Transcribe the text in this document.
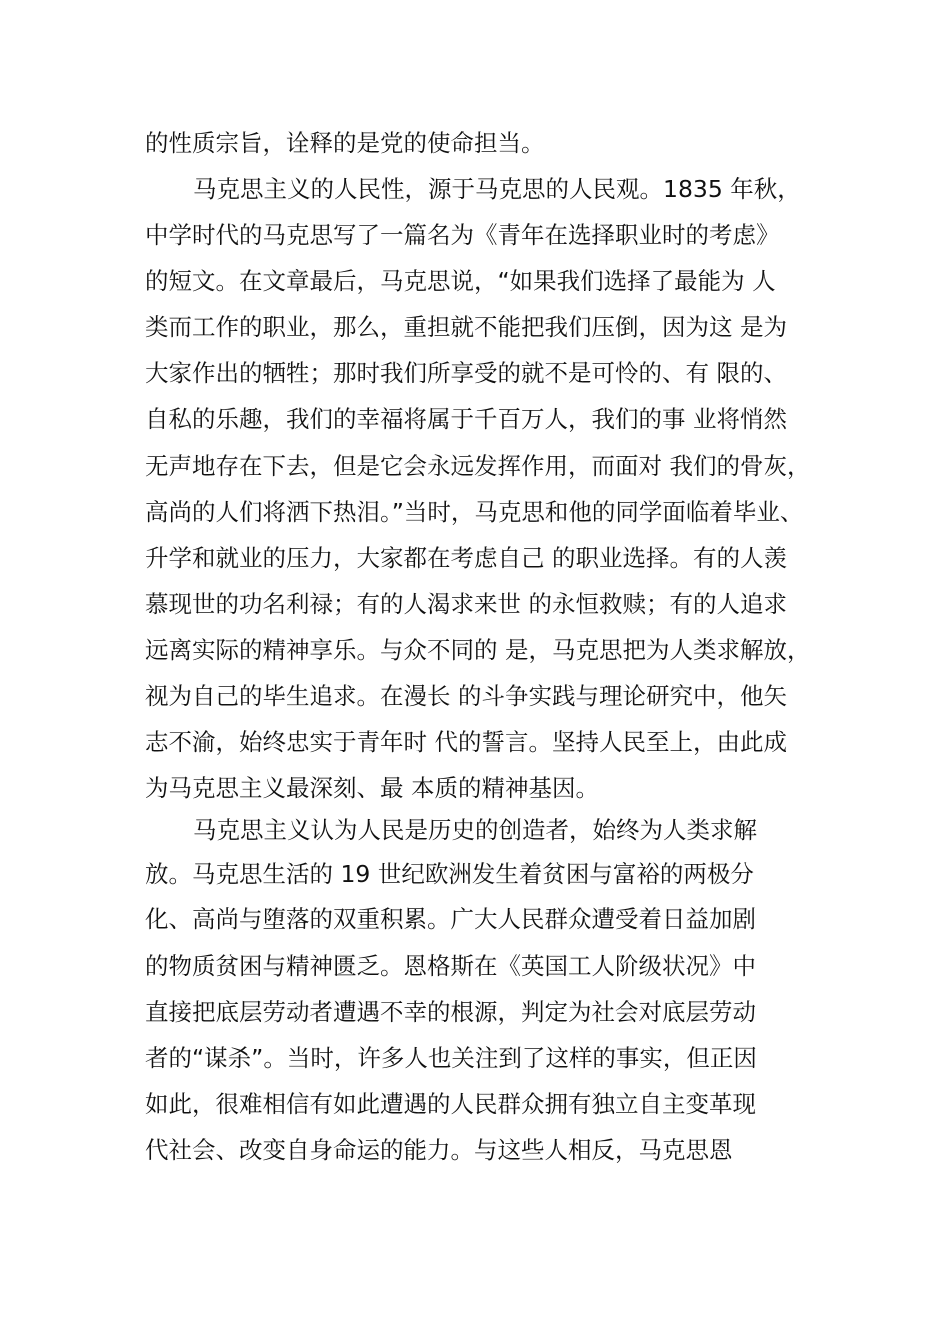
的性质宗旨，诠释的是党的使命担当。
马克思主义的人民性，源于马克思的人民观。1835 年秋，
中学时代的马克思写了一篇名为《青年在选择职业时的考虑》
的短文。在文章最后，马克思说，“如果我们选择了最能为 人
类而工作的职业，那么，重担就不能把我们压倒，因为这 是为
大家作出的牺牲；那时我们所享受的就不是可怜的、有 限的、
自私的乐趣，我们的幸福将属于千百万人，我们的事 业将悄然
无声地存在下去，但是它会永远发挥作用，而面对 我们的骨灰，
高尚的人们将洒下热泪。”当时，马克思和他的同学面临着毕业、
升学和就业的压力，大家都在考虑自己 的职业选择。有的人羡
慕现世的功名利禄；有的人渴求来世 的永恒救赎；有的人追求
远离实际的精神享乐。与众不同的 是，马克思把为人类求解放，
视为自己的毕生追求。在漫长 的斗争实践与理论研究中，他矢
志不渝，始终忠实于青年时 代的誓言。坚持人民至上，由此成
为马克思主义最深刻、最 本质的精神基因。
马克思主义认为人民是历史的创造者，始终为人类求解
放。马克思生活的 19 世纪欧洲发生着贫困与富裕的两极分
化、高尚与堕落的双重积累。广大人民群众遭受着日益加剧
的物质贫困与精神匮乏。恩格斯在《英国工人阶级状况》中
直接把底层劳动者遭遇不幸的根源，判定为社会对底层劳动
者的“谋杀”。当时，许多人也关注到了这样的事实，但正因
如此，很难相信有如此遭遇的人民群众拥有独立自主变革现
代社会、改变自身命运的能力。与这些人相反，马克思恩
